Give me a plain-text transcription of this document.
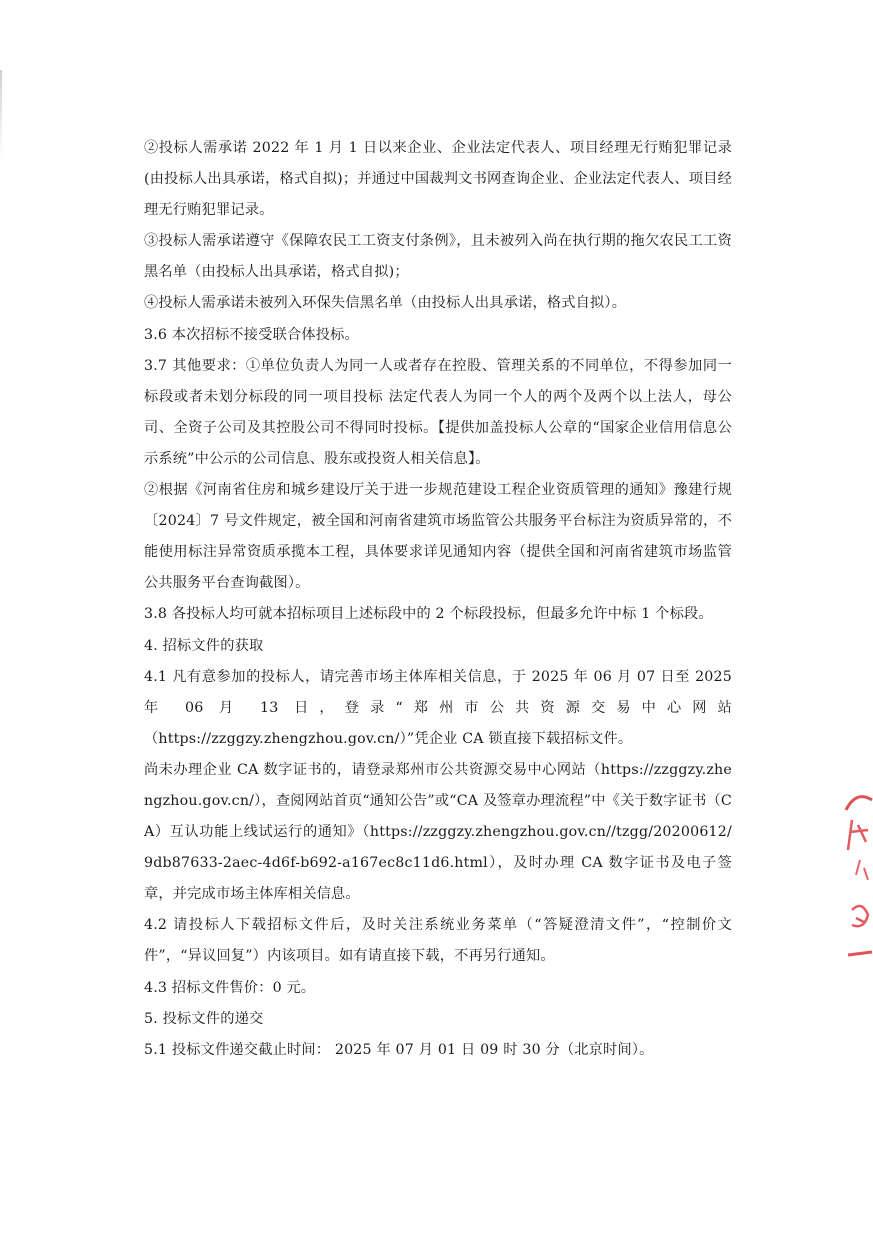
②投标人需承诺 2022 年 1 月 1 日以来企业、企业法定代表人、项目经理无行贿犯罪记录(由投标人出具承诺，格式自拟)；并通过中国裁判文书网查询企业、企业法定代表人、项目经理无行贿犯罪记录。

③投标人需承诺遵守《保障农民工工资支付条例》，且未被列入尚在执行期的拖欠农民工工资黑名单（由投标人出具承诺，格式自拟)；

④投标人需承诺未被列入环保失信黑名单（由投标人出具承诺，格式自拟）。

3.6 本次招标不接受联合体投标。

3.7 其他要求：①单位负责人为同一人或者存在控股、管理关系的不同单位，不得参加同一标段或者未划分标段的同一项目投标 法定代表人为同一个人的两个及两个以上法人，母公司、全资子公司及其控股公司不得同时投标。【提供加盖投标人公章的“国家企业信用信息公示系统”中公示的公司信息、股东或投资人相关信息】。

②根据《河南省住房和城乡建设厅关于进一步规范建设工程企业资质管理的通知》豫建行规〔2024〕7 号文件规定，被全国和河南省建筑市场监管公共服务平台标注为资质异常的，不能使用标注异常资质承揽本工程，具体要求详见通知内容（提供全国和河南省建筑市场监管公共服务平台查询截图）。

3.8 各投标人均可就本招标项目上述标段中的 2 个标段投标，但最多允许中标 1 个标段。

4. 招标文件的获取

4.1 凡有意参加的投标人，请完善市场主体库相关信息，于 2025 年 06 月 07 日至 2025 年 06 月 13 日，登录“郑州市公共资源交易中心网站（https://zzggzy.zhengzhou.gov.cn/）”凭企业 CA 锁直接下载招标文件。

尚未办理企业 CA 数字证书的，请登录郑州市公共资源交易中心网站（https://zzggzy.zhengzhou.gov.cn/），查阅网站首页“通知公告”或“CA 及签章办理流程”中《关于数字证书（CA）互认功能上线试运行的通知》（https://zzggzy.zhengzhou.gov.cn//tzgg/20200612/9db87633-2aec-4d6f-b692-a167ec8c11d6.html），及时办理 CA 数字证书及电子签章，并完成市场主体库相关信息。

4.2 请投标人下载招标文件后，及时关注系统业务菜单（“答疑澄清文件”，“控制价文件”，“异议回复”）内该项目。如有请直接下载，不再另行通知。

4.3 招标文件售价：0 元。

5. 投标文件的递交

5.1 投标文件递交截止时间： 2025 年 07 月 01 日 09 时 30 分（北京时间）。
